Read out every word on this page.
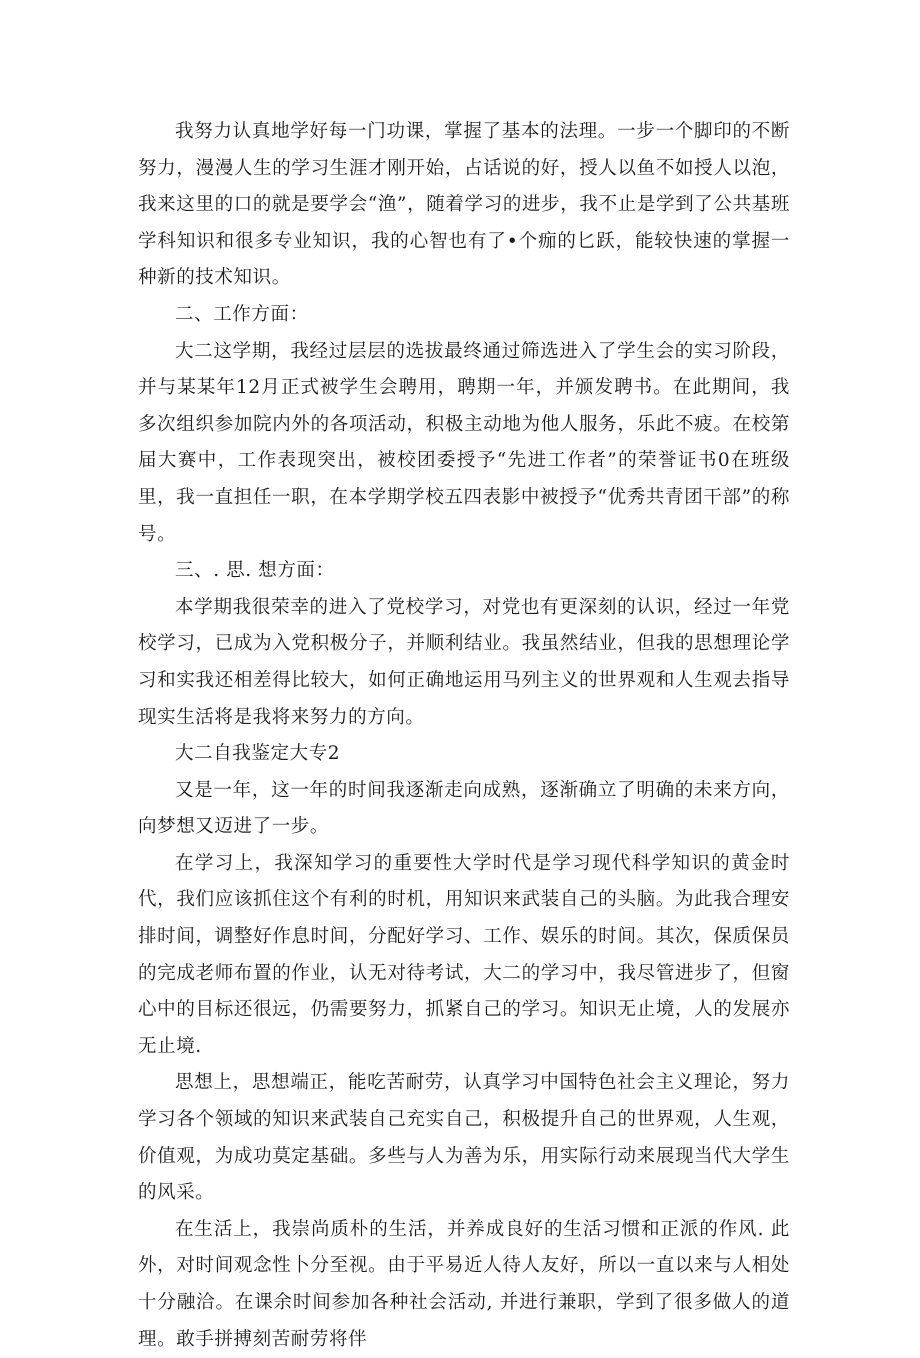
我努力认真地学好每一门功课，掌握了基本的法理。一步一个脚印的不断努力，漫漫人生的学习生涯才刚开始，占话说的好，授人以鱼不如授人以泡，我来这里的口的就是要学会“渔”，随着学习的进步，我不止是学到了公共基班学科知识和很多专业知识，我的心智也有了•个痂的匕跃，能较快速的掌握一种新的技术知识。

二、工作方面：

大二这学期，我经过层层的选拔最终通过筛选进入了学生会的实习阶段，并与某某年12月正式被学生会聘用，聘期一年，并颁发聘书。在此期间，我多次组织参加院内外的各项活动，积极主动地为他人服务，乐此不疲。在校第届大赛中，工作表现突出，被校团委授予“先进工作者”的荣誉证书0在班级里，我一直担任一职，在本学期学校五四表影中被授予“优秀共青团干部”的称号。

三、. 思. 想方面：

本学期我很荣幸的进入了党校学习，对党也有更深刻的认识，经过一年党校学习，已成为入党积极分子，并顺利结业。我虽然结业，但我的思想理论学习和实我还相差得比较大，如何正确地运用马列主义的世界观和人生观去指导现实生活将是我将来努力的方向。

大二自我鉴定大专2

又是一年，这一年的时间我逐渐走向成熟，逐渐确立了明确的未来方向，向梦想又迈进了一步。

在学习上，我深知学习的重要性大学时代是学习现代科学知识的黄金时代，我们应该抓住这个有利的时机，用知识来武装自己的头脑。为此我合理安排时间，调整好作息时间，分配好学习、工作、娱乐的时间。其次，保质保员的完成老师布置的作业，认无对待考试，大二的学习中，我尽管进步了，但窗心中的目标还很远，仍需要努力，抓紧自己的学习。知识无止境，人的发展亦无止境.

思想上，思想端正，能吃苦耐劳，认真学习中国特色社会主义理论，努力学习各个领域的知识来武装自己充实自己，积极提升自己的世界观，人生观，价值观，为成功莫定基础。多些与人为善为乐，用实际行动来展现当代大学生的风采。

在生活上，我崇尚质朴的生活，并养成良好的生活习惯和正派的作风. 此外，对时间观念性卜分至视。由于平易近人待人友好，所以一直以来与人相处十分融洽。在课余时间参加各种社会活动, 并进行兼职，学到了很多做人的道理。敢手拼搏刻苦耐劳将伴
